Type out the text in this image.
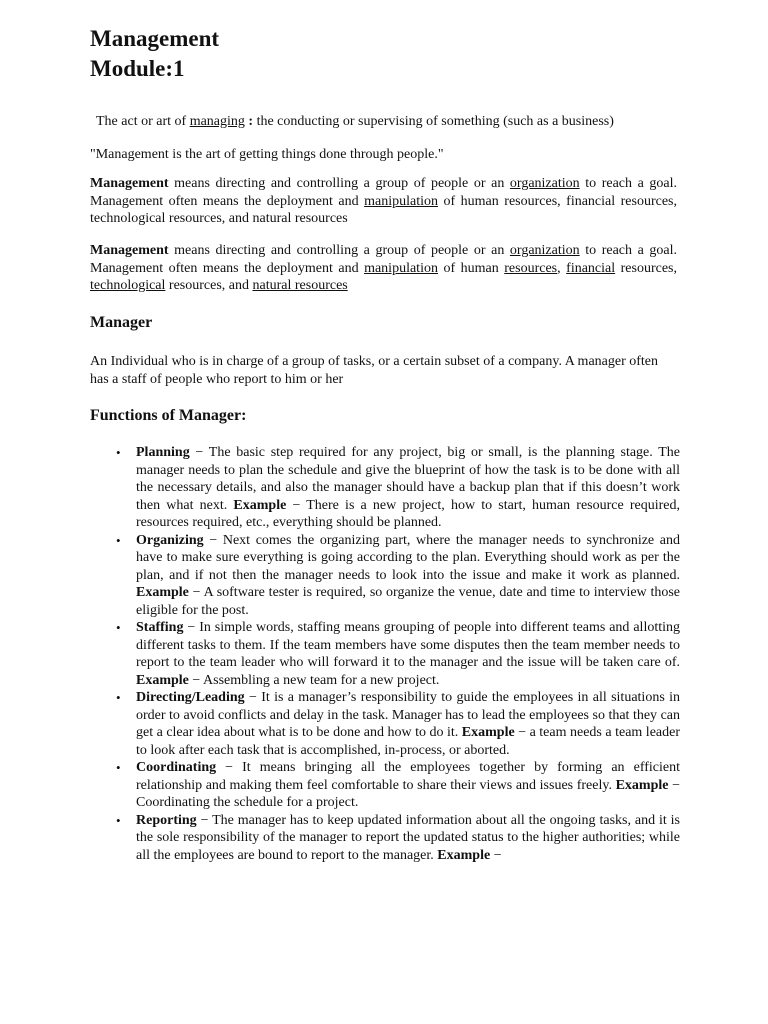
Management
Module:1
The act or art of managing : the conducting or supervising of something (such as a business)
"Management is the art of getting things done through people."
Management means directing and controlling a group of people or an organization to reach a goal. Management often means the deployment and manipulation of human resources, financial resources, technological resources, and natural resources
Management means directing and controlling a group of people or an organization to reach a goal. Management often means the deployment and manipulation of human resources, financial resources, technological resources, and natural resources
Manager
An Individual who is in charge of a group of tasks, or a certain subset of a company. A manager often has a staff of people who report to him or her
Functions of Manager:
• Planning − The basic step required for any project, big or small, is the planning stage. The manager needs to plan the schedule and give the blueprint of how the task is to be done with all the necessary details, and also the manager should have a backup plan that if this doesn’t work then what next. Example − There is a new project, how to start, human resource required, resources required, etc., everything should be planned.
• Organizing − Next comes the organizing part, where the manager needs to synchronize and have to make sure everything is going according to the plan. Everything should work as per the plan, and if not then the manager needs to look into the issue and make it work as planned. Example − A software tester is required, so organize the venue, date and time to interview those eligible for the post.
• Staffing − In simple words, staffing means grouping of people into different teams and allotting different tasks to them. If the team members have some disputes then the team member needs to report to the team leader who will forward it to the manager and the issue will be taken care of. Example − Assembling a new team for a new project.
• Directing/Leading − It is a manager’s responsibility to guide the employees in all situations in order to avoid conflicts and delay in the task. Manager has to lead the employees so that they can get a clear idea about what is to be done and how to do it. Example − a team needs a team leader to look after each task that is accomplished, in-process, or aborted.
• Coordinating − It means bringing all the employees together by forming an efficient relationship and making them feel comfortable to share their views and issues freely. Example − Coordinating the schedule for a project.
• Reporting − The manager has to keep updated information about all the ongoing tasks, and it is the sole responsibility of the manager to report the updated status to the higher authorities; while all the employees are bound to report to the manager. Example −
